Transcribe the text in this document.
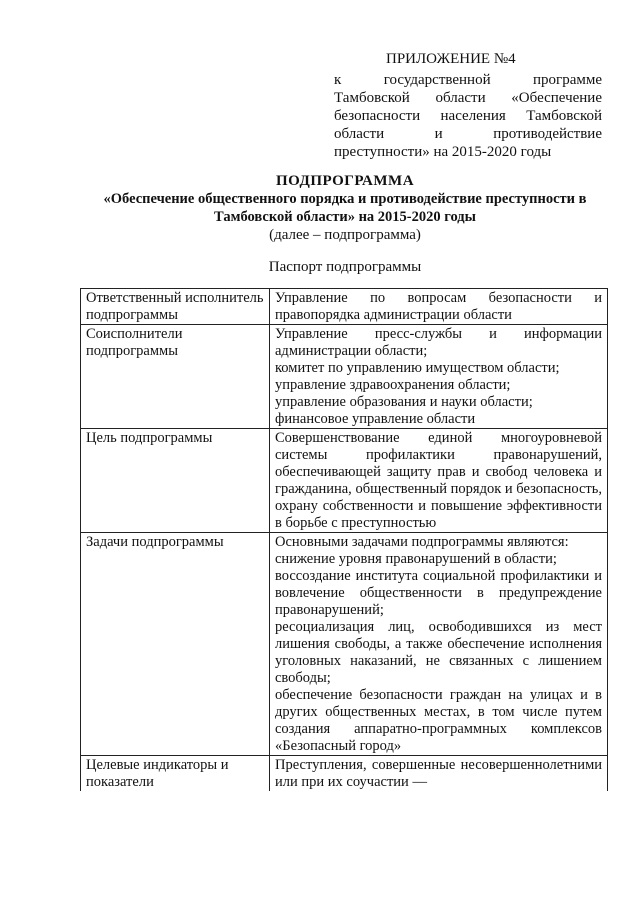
ПРИЛОЖЕНИЕ №4
к государственной программе Тамбовской области «Обеспечение безопасности населения Тамбовской области и противодействие преступности» на 2015-2020 годы
ПОДПРОГРАММА
«Обеспечение общественного порядка и противодействие преступности в Тамбовской области» на 2015-2020 годы
(далее – подпрограмма)
Паспорт подпрограммы
Ответственный исполнитель подпрограммы	Управление по вопросам безопасности и правопорядка администрации области

Соисполнители подпрограммы	Управление пресс-службы и информации администрации области;
комитет по управлению имуществом области;
управление здравоохранения области;
управление образования и науки области;
финансовое управление области

Цель подпрограммы	Совершенствование единой многоуровневой системы профилактики правонарушений, обеспечивающей защиту прав и свобод человека и гражданина, общественный порядок и безопасность, охрану собственности и повышение эффективности в борьбе с преступностью

Задачи подпрограммы	Основными задачами подпрограммы являются:
снижение уровня правонарушений в области;
воссоздание института социальной профилактики и вовлечение общественности в предупреждение правонарушений;
ресоциализация лиц, освободившихся из мест лишения свободы, а также обеспечение исполнения уголовных наказаний, не связанных с лишением свободы;
обеспечение безопасности граждан на улицах и в других общественных местах, в том числе путем создания аппаратно-программных комплексов «Безопасный город»

Целевые индикаторы и показатели	Преступления, совершенные несовершеннолетними или при их соучастии —
